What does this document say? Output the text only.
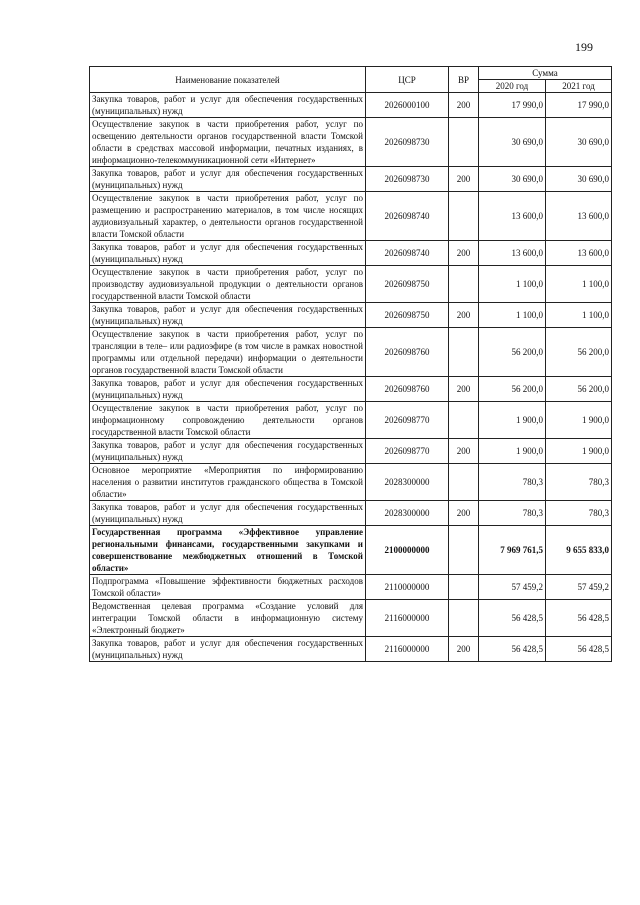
199
Наименование показателей	ЦСР	ВР	Сумма	
			2020 год	2021 год
Закупка товаров, работ и услуг для обеспечения государственных (муниципальных) нужд	2026000100	200	17 990,0	17 990,0
Осуществление закупок в части приобретения работ, услуг по освещению деятельности органов государственной власти Томской области в средствах массовой информации, печатных изданиях, в информационно-телекоммуникационной сети «Интернет»	2026098730		30 690,0	30 690,0
Закупка товаров, работ и услуг для обеспечения государственных (муниципальных) нужд	2026098730	200	30 690,0	30 690,0
Осуществление закупок в части приобретения работ, услуг по размещению и распространению материалов, в том числе носящих аудиовизуальный характер, о деятельности органов государственной власти Томской области	2026098740		13 600,0	13 600,0
Закупка товаров, работ и услуг для обеспечения государственных (муниципальных) нужд	2026098740	200	13 600,0	13 600,0
Осуществление закупок в части приобретения работ, услуг по производству аудиовизуальной продукции о деятельности органов государственной власти Томской области	2026098750		1 100,0	1 100,0
Закупка товаров, работ и услуг для обеспечения государственных (муниципальных) нужд	2026098750	200	1 100,0	1 100,0
Осуществление закупок в части приобретения работ, услуг по трансляции в теле– или радиоэфире (в том числе в рамках новостной программы или отдельной передачи) информации о деятельности органов государственной власти Томской области	2026098760		56 200,0	56 200,0
Закупка товаров, работ и услуг для обеспечения государственных (муниципальных) нужд	2026098760	200	56 200,0	56 200,0
Осуществление закупок в части приобретения работ, услуг по информационному сопровождению деятельности органов государственной власти Томской области	2026098770		1 900,0	1 900,0
Закупка товаров, работ и услуг для обеспечения государственных (муниципальных) нужд	2026098770	200	1 900,0	1 900,0
Основное мероприятие «Мероприятия по информированию населения о развитии институтов гражданского общества в Томской области»	2028300000		780,3	780,3
Закупка товаров, работ и услуг для обеспечения государственных (муниципальных) нужд	2028300000	200	780,3	780,3
Государственная программа «Эффективное управление региональными финансами, государственными закупками и совершенствование межбюджетных отношений в Томской области»	2100000000		7 969 761,5	9 655 833,0
Подпрограмма «Повышение эффективности бюджетных расходов Томской области»	2110000000		57 459,2	57 459,2
Ведомственная целевая программа «Создание условий для интеграции Томской области в информационную систему «Электронный бюджет»	2116000000		56 428,5	56 428,5
Закупка товаров, работ и услуг для обеспечения государственных (муниципальных) нужд	2116000000	200	56 428,5	56 428,5
